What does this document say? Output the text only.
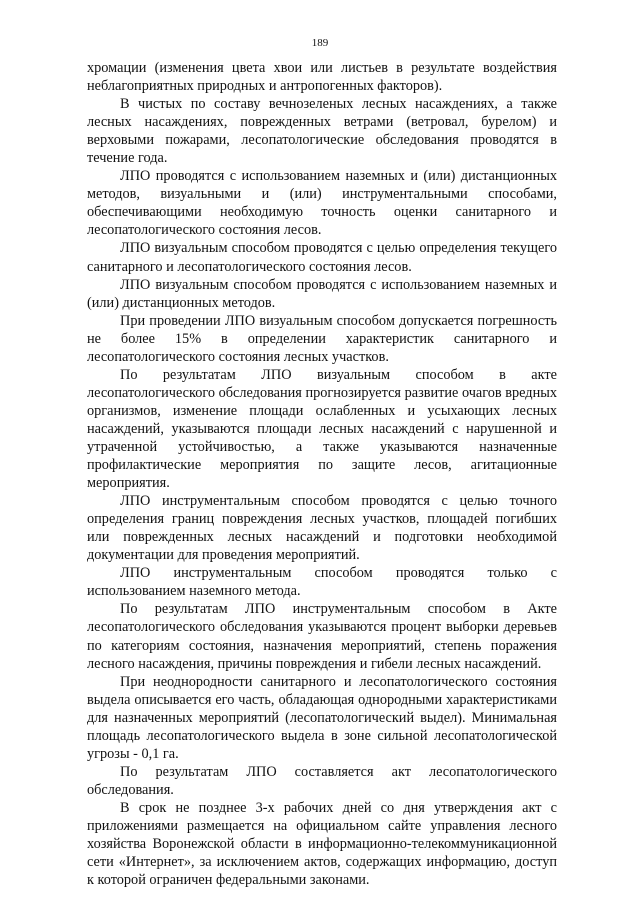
189

хромации (изменения цвета хвои или листьев в результате воздействия неблагоприятных природных и антропогенных факторов).

В чистых по составу вечнозеленых лесных насаждениях, а также лесных насаждениях, поврежденных ветрами (ветровал, бурелом) и верховыми пожарами, лесопатологические обследования проводятся в течение года.

ЛПО проводятся с использованием наземных и (или) дистанционных методов, визуальными и (или) инструментальными способами, обеспечивающими необходимую точность оценки санитарного и лесопатологического состояния лесов.

ЛПО визуальным способом проводятся с целью определения текущего санитарного и лесопатологического состояния лесов.

ЛПО визуальным способом проводятся с использованием наземных и (или) дистанционных методов.

При проведении ЛПО визуальным способом допускается погрешность не более 15% в определении характеристик санитарного и лесопатологического состояния лесных участков.

По результатам ЛПО визуальным способом в акте лесопатологического обследования прогнозируется развитие очагов вредных организмов, изменение площади ослабленных и усыхающих лесных насаждений, указываются площади лесных насаждений с нарушенной и утраченной устойчивостью, а также указываются назначенные профилактические мероприятия по защите лесов, агитационные мероприятия.

ЛПО инструментальным способом проводятся с целью точного определения границ повреждения лесных участков, площадей погибших или поврежденных лесных насаждений и подготовки необходимой документации для проведения мероприятий.

ЛПО инструментальным способом проводятся только с использованием наземного метода.

По результатам ЛПО инструментальным способом в Акте лесопатологического обследования указываются процент выборки деревьев по категориям состояния, назначения мероприятий, степень поражения лесного насаждения, причины повреждения и гибели лесных насаждений.

При неоднородности санитарного и лесопатологического состояния выдела описывается его часть, обладающая однородными характеристиками для назначенных мероприятий (лесопатологический выдел). Минимальная площадь лесопатологического выдела в зоне сильной лесопатологической угрозы - 0,1 га.

По результатам ЛПО составляется акт лесопатологического обследования.

В срок не позднее 3-х рабочих дней со дня утверждения акт с приложениями размещается на официальном сайте управления лесного хозяйства Воронежской области в информационно-телекоммуникационной сети «Интернет», за исключением актов, содержащих информацию, доступ к которой ограничен федеральными законами.
